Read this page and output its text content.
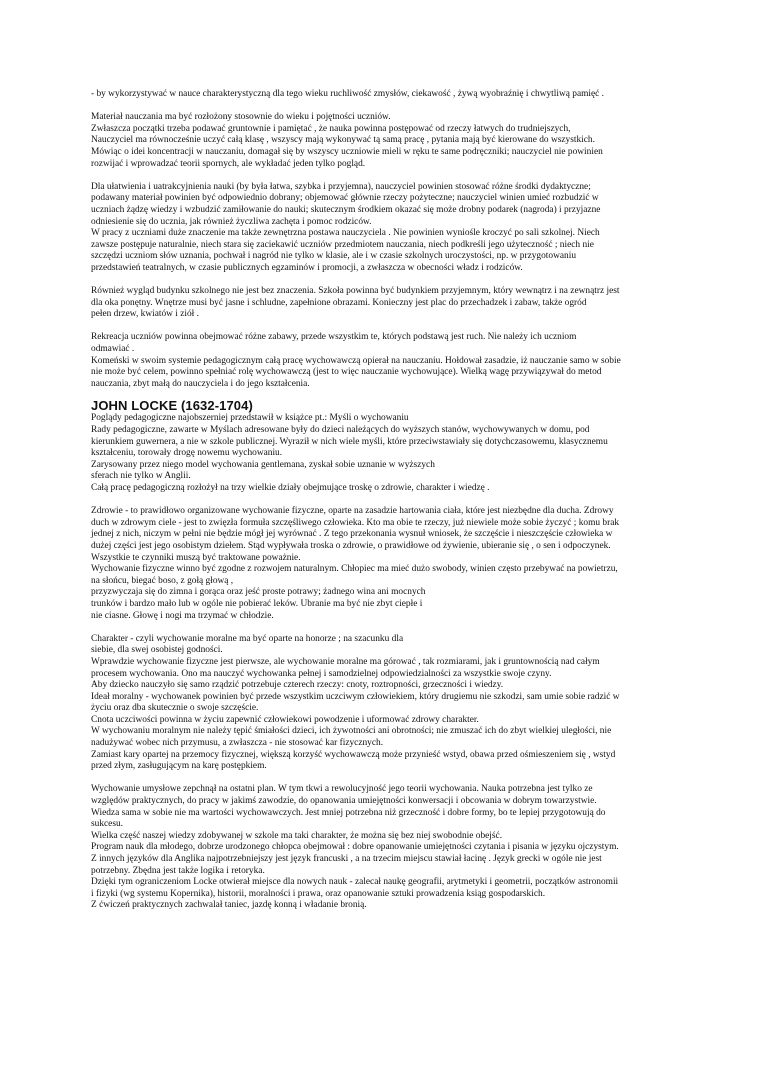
- by wykorzystywać w nauce charakterystyczną dla tego wieku ruchliwość zmysłów, ciekawość , żywą wyobraźnię i chwytliwą pamięć .
Materiał nauczania ma być rozłożony stosownie do wieku i pojętności uczniów.
Zwłaszcza początki trzeba podawać gruntownie i pamiętać , że nauka powinna postępować od rzeczy łatwych do trudniejszych,
Nauczyciel ma równocześnie uczyć całą klasę , wszyscy mają wykonywać tą samą pracę , pytania mają być kierowane do wszystkich.
Mówiąc o idei koncentracji w nauczaniu, domagał się by wszyscy uczniowie mieli w ręku te same podręczniki; nauczyciel nie powinien
rozwijać i wprowadzać teorii spornych, ale wykładać jeden tylko pogląd.
Dla ułatwienia i uatrakcyjnienia nauki (by była łatwa, szybka i przyjemna), nauczyciel powinien stosować różne środki dydaktyczne;
podawany materiał powinien być odpowiednio dobrany; objemować głównie rzeczy pożyteczne; nauczyciel winien umieć rozbudzić w
uczniach żądzę wiedzy i wzbudzić zamiłowanie do nauki; skutecznym środkiem okazać się może drobny podarek (nagroda) i przyjazne
odniesienie się do ucznia, jak również życzliwa zachęta i pomoc rodziców.
W pracy z uczniami duże znaczenie ma także zewnętrzna postawa nauczyciela . Nie powinien wyniośle kroczyć po sali szkolnej. Niech
zawsze postępuje naturalnie, niech stara się zaciekawić uczniów przedmiotem nauczania, niech podkreśli jego użyteczność ; niech nie
szczędzi uczniom słów uznania, pochwał i nagród nie tylko w klasie, ale i w czasie szkolnych uroczystości, np. w przygotowaniu
przedstawień teatralnych, w czasie publicznych egzaminów i promocji, a zwłaszcza w obecności władz i rodziców.
Również wygląd budynku szkolnego nie jest bez znaczenia. Szkoła powinna być budynkiem przyjemnym, który wewnątrz i na zewnątrz jest
dla oka ponętny. Wnętrze musi być jasne i schludne, zapełnione obrazami. Konieczny jest plac do przechadzek i zabaw, także ogród
pełen drzew, kwiatów i ziół .
Rekreacja uczniów powinna obejmować różne zabawy, przede wszystkim te, których podstawą jest ruch. Nie należy ich uczniom
odmawiać .
Komeński w swoim systemie pedagogicznym całą pracę wychowawczą opierał na nauczaniu. Hołdował zasadzie, iż nauczanie samo w sobie
nie może być celem, powinno spełniać rolę wychowawczą (jest to więc nauczanie wychowujące). Wielką wagę przywiązywał do metod
nauczania, zbyt małą do nauczyciela i do jego kształcenia.
JOHN LOCKE (1632-1704)
Poglądy pedagogiczne najobszerniej przedstawił w książce pt.: Myśli o wychowaniu
Rady pedagogiczne, zawarte w Myślach adresowane były do dzieci należących do wyższych stanów, wychowywanych w domu, pod
kierunkiem guwernera, a nie w szkole publicznej. Wyraził w nich wiele myśli, które przeciwstawiały się dotychczasowemu, klasycznemu
kształceniu, torowały drogę nowemu wychowaniu.
Zarysowany przez niego model wychowania gentlemana, zyskał sobie uznanie w wyższych
sferach nie tylko w Anglii.
Całą pracę pedagogiczną rozłożył na trzy wielkie działy obejmujące troskę o zdrowie, charakter i wiedzę .
Zdrowie - to prawidłowo organizowane wychowanie fizyczne, oparte na zasadzie hartowania ciała, które jest niezbędne dla ducha. Zdrowy
duch w zdrowym ciele - jest to zwięzła formuła szczęśliwego człowieka. Kto ma obie te rzeczy, już niewiele może sobie życzyć ; komu brak
jednej z nich, niczym w pełni nie będzie mógł jej wyrównać . Z tego przekonania wysnuł wniosek, że szczęście i nieszczęście człowieka w
dużej części jest jego osobistym dziełem. Stąd wypływała troska o zdrowie, o prawidłowe od żywienie, ubieranie się , o sen i odpoczynek.
Wszystkie te czynniki muszą być traktowane poważnie.
Wychowanie fizyczne winno być zgodne z rozwojem naturalnym. Chłopiec ma mieć dużo swobody, winien często przebywać na powietrzu,
na słońcu, biegać boso, z gołą głową ,
przyzwyczaja się do zimna i gorąca oraz jeść proste potrawy; żadnego wina ani mocnych
trunków i bardzo mało lub w ogóle nie pobierać leków. Ubranie ma być nie zbyt ciepłe i
nie ciasne. Głowę i nogi ma trzymać w chłodzie.
Charakter - czyli wychowanie moralne ma być oparte na honorze ; na szacunku dla
siebie, dla swej osobistej godności.
Wprawdzie wychowanie fizyczne jest pierwsze, ale wychowanie moralne ma górować , tak rozmiarami, jak i gruntownością nad całym
procesem wychowania. Ono ma nauczyć wychowanka pełnej i samodzielnej odpowiedzialności za wszystkie swoje czyny.
Aby dziecko nauczyło się samo rządzić potrzebuje czterech rzeczy: cnoty, roztropności, grzeczności i wiedzy.
Ideał moralny - wychowanek powinien być przede wszystkim uczciwym człowiekiem, który drugiemu nie szkodzi, sam umie sobie radzić w
życiu oraz dba skutecznie o swoje szczęście.
Cnota uczciwości powinna w życiu zapewnić człowiekowi powodzenie i uformować zdrowy charakter.
W wychowaniu moralnym nie należy tępić śmiałości dzieci, ich żywotności ani obrotności; nie zmuszać ich do zbyt wielkiej uległości, nie
nadużywać wobec nich przymusu, a zwłaszcza - nie stosować kar fizycznych.
Zamiast kary opartej na przemocy fizycznej, większą korzyść wychowawczą może przynieść wstyd, obawa przed ośmieszeniem się , wstyd
przed złym, zasługującym na karę postępkiem.
Wychowanie umysłowe zepchnął na ostatni plan. W tym tkwi a rewolucyjność jego teorii wychowania. Nauka potrzebna jest tylko ze
względów praktycznych, do pracy w jakimś zawodzie, do opanowania umiejętności konwersacji i obcowania w dobrym towarzystwie.
Wiedza sama w sobie nie ma wartości wychowawczych. Jest mniej potrzebna niż grzeczność i dobre formy, bo te lepiej przygotowują do
sukcesu.
Wielka część naszej wiedzy zdobywanej w szkole ma taki charakter, że można się bez niej swobodnie obejść.
Program nauk dla młodego, dobrze urodzonego chłopca obejmował : dobre opanowanie umiejętności czytania i pisania w języku ojczystym.
Z innych języków dla Anglika najpotrzebniejszy jest język francuski , a na trzecim miejscu stawiał łacinę . Język grecki w ogóle nie jest
potrzebny. Zbędna jest także logika i retoryka.
Dzięki tym ograniczeniom Locke otwierał miejsce dla nowych nauk - zalecał naukę geografii, arytmetyki i geometrii, początków astronomii
i fizyki (wg systemu Kopernika), historii, moralności i prawa, oraz opanowanie sztuki prowadzenia ksiąg gospodarskich.
Z ćwiczeń praktycznych zachwalał taniec, jazdę konną i władanie bronią.
